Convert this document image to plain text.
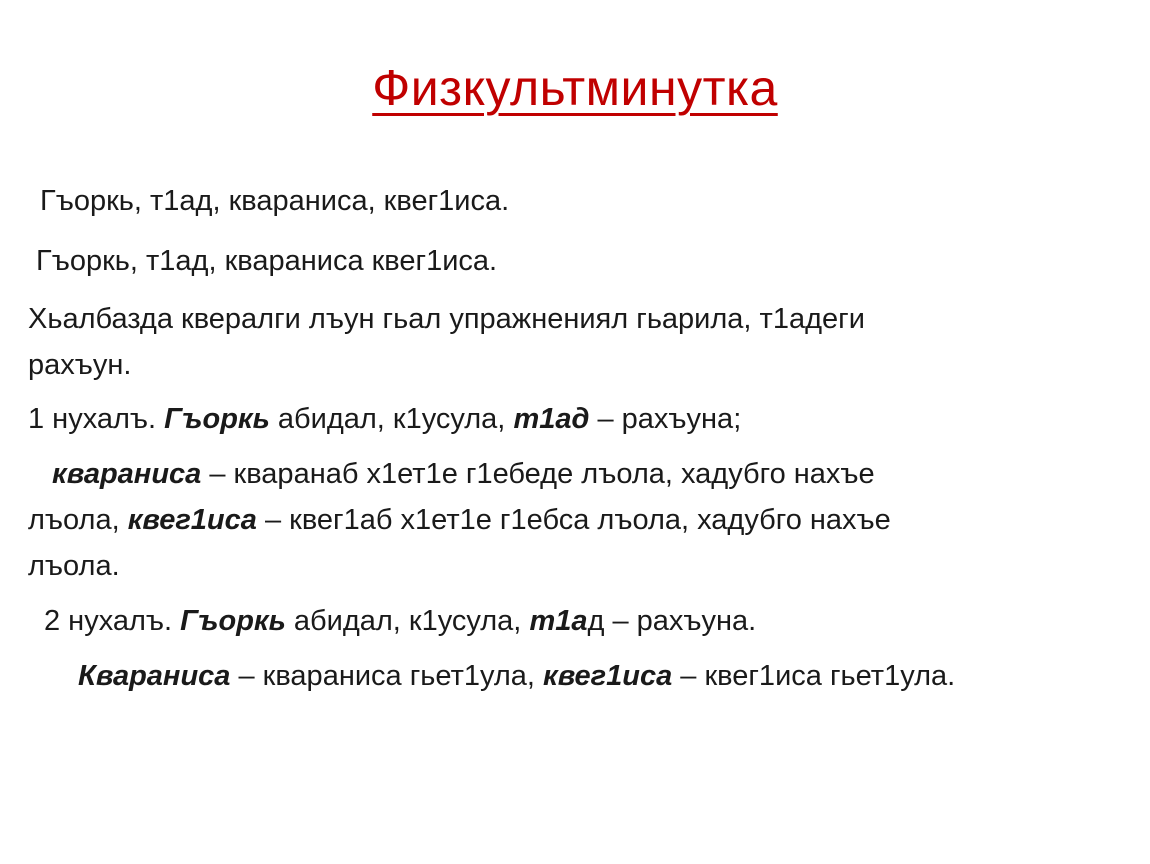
Физкультминутка
Гъоркь, т1ад, квараниса, квег1иса.
Гъоркь, т1ад, квараниса квег1иса.
Хьалбазда квералги лъун гьал упражнениял гьарила, т1адеги
рахъун.
1 нухалъ. Гъоркь абидал, к1усула, т1ад – рахъуна;
квараниса – кваранаб х1ет1е г1ебеде лъола, хадубго нахъе
лъола, квег1иса – квег1аб х1ет1е г1ебса лъола, хадубго нахъе
лъола.
2 нухалъ. Гъоркь абидал, к1усула, т1ад – рахъуна.
Квараниса – квараниса гьет1ула, квег1иса – квег1иса гьет1ула.
